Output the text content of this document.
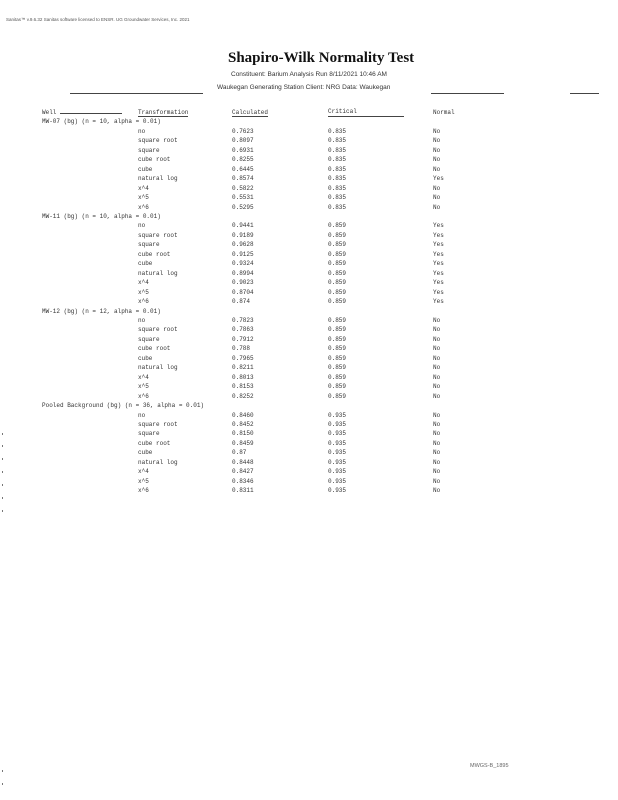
Sanitas™ v.9.6.32 Sanitas software licensed to ENSR. UG Groundwater Services, Inc. 2021
Shapiro-Wilk Normality Test
Constituent: Barium Analysis Run 8/11/2021 10:46 AM
Waukegan Generating Station Client: NRG Data: Waukegan
Well	Transformation	Calculated	Critical	Normal
MW-07 (bg) (n = 10, alpha = 0.01)				
	no	0.7623	0.835	No
	square root	0.8097	0.835	No
	square	0.6931	0.835	No
	cube root	0.8255	0.835	No
	cube	0.6445	0.835	No
	natural log	0.8574	0.835	Yes
	x^4	0.5822	0.835	No
	x^5	0.5531	0.835	No
	x^6	0.5295	0.835	No
MW-11 (bg) (n = 10, alpha = 0.01)				
	no	0.9441	0.859	Yes
	square root	0.9189	0.859	Yes
	square	0.9628	0.859	Yes
	cube root	0.9125	0.859	Yes
	cube	0.9324	0.859	Yes
	natural log	0.8994	0.859	Yes
	x^4	0.9023	0.859	Yes
	x^5	0.8704	0.859	Yes
	x^6	0.874	0.859	Yes
MW-12 (bg) (n = 12, alpha = 0.01)				
	no	0.7823	0.859	No
	square root	0.7863	0.859	No
	square	0.7912	0.859	No
	cube root	0.788	0.859	No
	cube	0.7965	0.859	No
	natural log	0.8211	0.859	No
	x^4	0.8013	0.859	No
	x^5	0.8153	0.859	No
	x^6	0.8252	0.859	No
Pooled Background (bg) (n = 36, alpha = 0.01)				
	no	0.8460	0.935	No
	square root	0.8452	0.935	No
	square	0.8150	0.935	No
	cube root	0.8459	0.935	No
	cube	0.87	0.935	No
	natural log	0.8448	0.935	No
	x^4	0.8427	0.935	No
	x^5	0.8346	0.935	No
	x^6	0.8311	0.935	No
MWGS-B_1895
